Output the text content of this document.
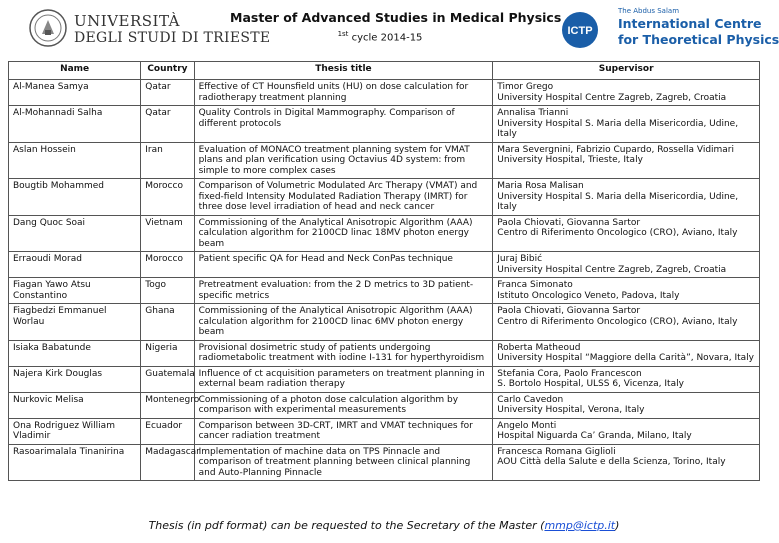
UNIVERSITÀ
DEGLI STUDI DI TRIESTE
Master of Advanced Studies in Medical Physics
$^{1st}$ cycle 2014-15
ICTP
The Abdus Salam
International Centre
for Theoretical Physics
Name	Country	Thesis title	Supervisor
Al-Manea Samya	Qatar	Effective of CT Hounsfield units (HU) on dose calculation for radiotherapy treatment planning	Timor Grego
University Hospital Centre Zagreb, Zagreb, Croatia

Al-Mohannadi Salha	Qatar	Quality Controls in Digital Mammography. Comparison of different protocols	Annalisa Trianni
University Hospital S. Maria della Misericordia, Udine, Italy

Aslan Hossein	Iran	Evaluation of MONACO treatment planning system for VMAT plans and plan verification using Octavius 4D system: from simple to more complex cases	Mara Severgnini, Fabrizio Cupardo, Rossella Vidimari
University Hospital, Trieste, Italy

Bougtib Mohammed	Morocco	Comparison of Volumetric Modulated Arc Therapy (VMAT) and fixed-field Intensity Modulated Radiation Therapy (IMRT) for three dose level irradiation of head and neck cancer	Maria Rosa Malisan
University Hospital S. Maria della Misericordia, Udine, Italy

Dang Quoc Soai	Vietnam	Commissioning of the Analytical Anisotropic Algorithm (AAA) calculation algorithm for 2100CD linac 18MV photon energy beam	Paola Chiovati, Giovanna Sartor
Centro di Riferimento Oncologico (CRO), Aviano, Italy

Erraoudi Morad	Morocco	Patient specific QA for Head and Neck ConPas technique	Juraj Bibić
University Hospital Centre Zagreb, Zagreb, Croatia

Fiagan Yawo Atsu Constantino	Togo	Pretreatment evaluation: from the 2 D metrics to 3D patient-specific metrics	Franca Simonato
Istituto Oncologico Veneto, Padova, Italy

Fiagbedzi Emmanuel Worlau	Ghana	Commissioning of the Analytical Anisotropic Algorithm (AAA) calculation algorithm for 2100CD linac 6MV photon energy beam	Paola Chiovati, Giovanna Sartor
Centro di Riferimento Oncologico (CRO), Aviano, Italy

Isiaka Babatunde	Nigeria	Provisional dosimetric study of patients undergoing radiometabolic treatment with iodine I-131 for hyperthyroidism	Roberta Matheoud
University Hospital “Maggiore della Carità”, Novara, Italy

Najera Kirk Douglas	Guatemala	Influence of ct acquisition parameters on treatment planning in external beam radiation therapy	Stefania Cora, Paolo Francescon
S. Bortolo Hospital, ULSS 6, Vicenza, Italy

Nurkovic Melisa	Montenegro	Commissioning of a photon dose calculation algorithm by comparison with experimental measurements	Carlo Cavedon
University Hospital, Verona, Italy

Ona Rodriguez William Vladimir	Ecuador	Comparison between 3D-CRT, IMRT and VMAT techniques for cancer radiation treatment	Angelo Monti
Hospital Niguarda Ca’ Granda, Milano, Italy

Rasoarimalala Tinanirina	Madagascar	Implementation of machine data on TPS Pinnacle and comparison of treatment planning between clinical planning and Auto-Planning Pinnacle	Francesca Romana Giglioli
AOU Città della Salute e della Scienza, Torino, Italy
Thesis (in pdf format) can be requested to the Secretary of the Master (mmp@ictp.it)
